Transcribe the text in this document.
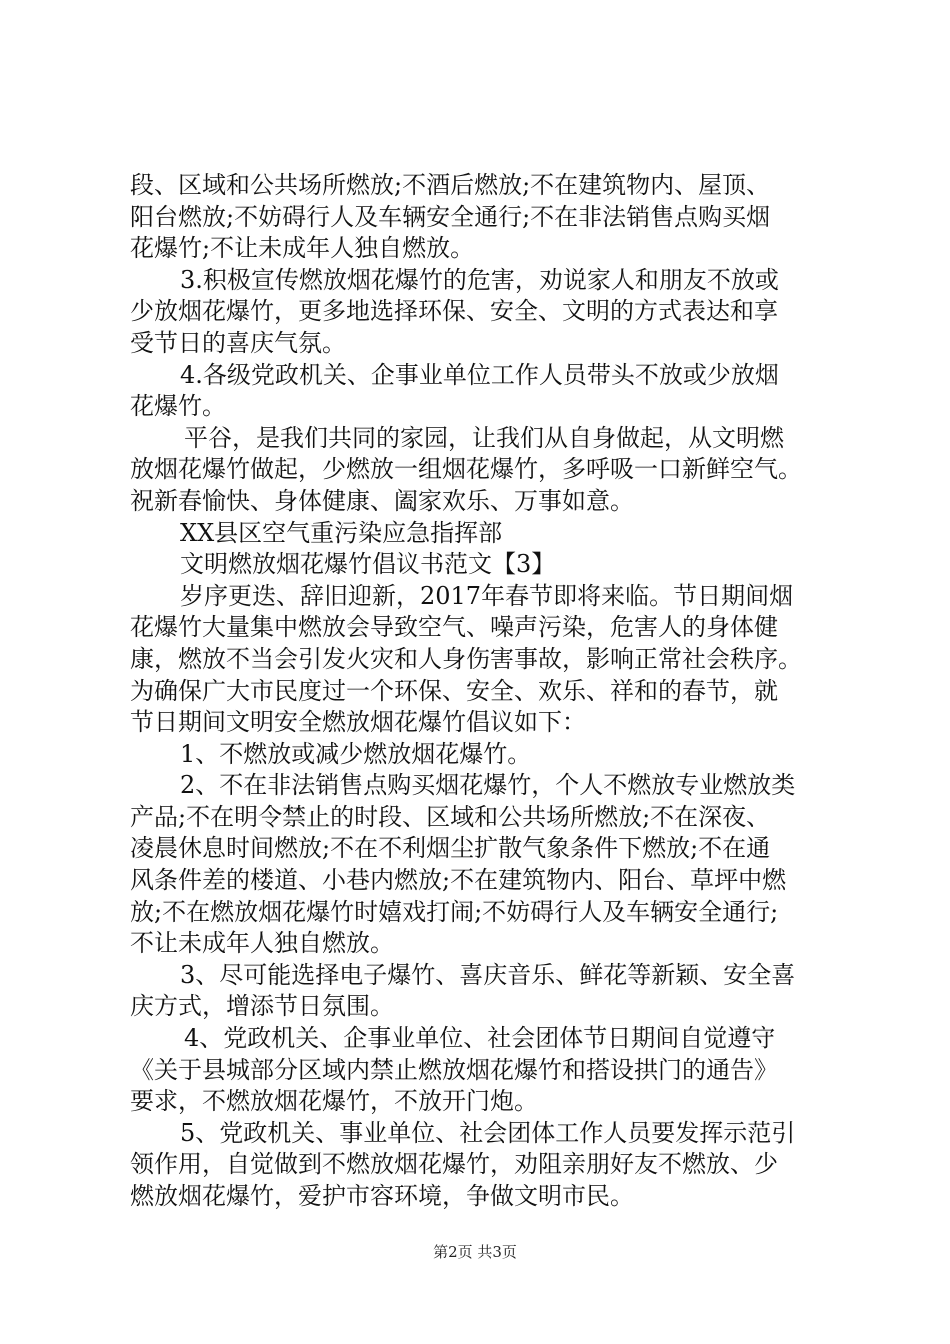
段、区域和公共场所燃放;不酒后燃放;不在建筑物内、屋顶、
阳台燃放;不妨碍行人及车辆安全通行;不在非法销售点购买烟
花爆竹;不让未成年人独自燃放。
3.积极宣传燃放烟花爆竹的危害，劝说家人和朋友不放或
少放烟花爆竹，更多地选择环保、安全、文明的方式表达和享
受节日的喜庆气氛。
4.各级党政机关、企事业单位工作人员带头不放或少放烟
花爆竹。
平谷，是我们共同的家园，让我们从自身做起，从文明燃
放烟花爆竹做起，少燃放一组烟花爆竹，多呼吸一口新鲜空气。
祝新春愉快、身体健康、阖家欢乐、万事如意。
XX县区空气重污染应急指挥部
文明燃放烟花爆竹倡议书范文【3】
岁序更迭、辞旧迎新，2017年春节即将来临。节日期间烟
花爆竹大量集中燃放会导致空气、噪声污染，危害人的身体健
康，燃放不当会引发火灾和人身伤害事故，影响正常社会秩序。
为确保广大市民度过一个环保、安全、欢乐、祥和的春节，就
节日期间文明安全燃放烟花爆竹倡议如下：
1、不燃放或减少燃放烟花爆竹。
2、不在非法销售点购买烟花爆竹，个人不燃放专业燃放类
产品;不在明令禁止的时段、区域和公共场所燃放;不在深夜、
凌晨休息时间燃放;不在不利烟尘扩散气象条件下燃放;不在通
风条件差的楼道、小巷内燃放;不在建筑物内、阳台、草坪中燃
放;不在燃放烟花爆竹时嬉戏打闹;不妨碍行人及车辆安全通行;
不让未成年人独自燃放。
3、尽可能选择电子爆竹、喜庆音乐、鲜花等新颖、安全喜
庆方式，增添节日氛围。
4、党政机关、企事业单位、社会团体节日期间自觉遵守
《关于县城部分区域内禁止燃放烟花爆竹和搭设拱门的通告》
要求，不燃放烟花爆竹，不放开门炮。
5、党政机关、事业单位、社会团体工作人员要发挥示范引
领作用，自觉做到不燃放烟花爆竹，劝阻亲朋好友不燃放、少
燃放烟花爆竹，爱护市容环境，争做文明市民。
第2页 共3页
